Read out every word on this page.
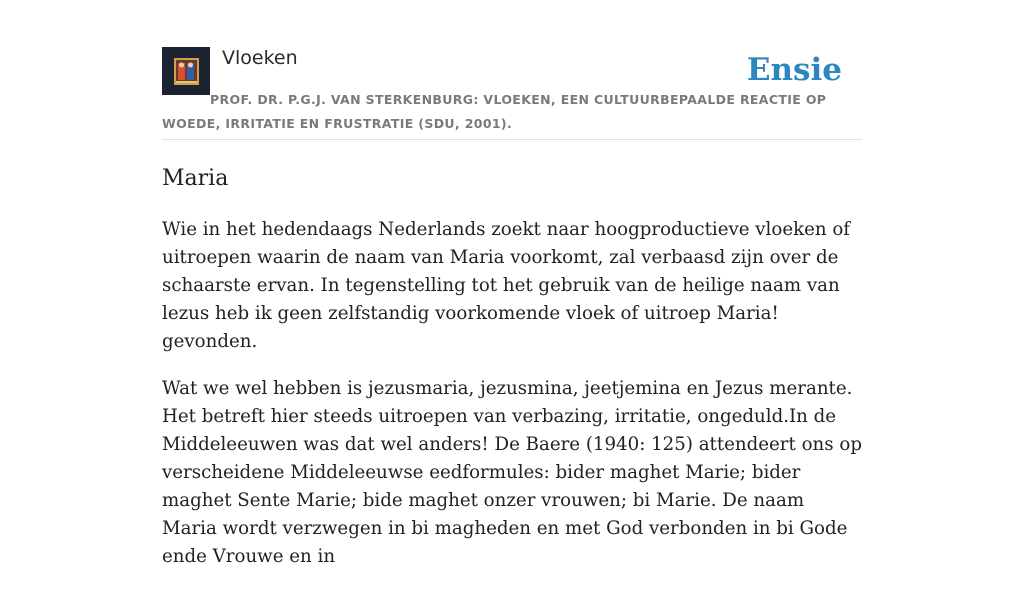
Vloeken	Ensie
PROF. DR. P.G.J. VAN STERKENBURG: VLOEKEN, EEN CULTUURBEPAALDE REACTIE OP WOEDE, IRRITATIE EN FRUSTRATIE (SDU, 2001).
Maria

Wie in het hedendaags Nederlands zoekt naar hoogproductieve vloeken of uitroepen waarin de naam van Maria voorkomt, zal verbaasd zijn over de schaarste ervan. In tegenstelling tot het gebruik van de heilige naam van lezus heb ik geen zelfstandig voorkomende vloek of uitroep Maria! gevonden.

Wat we wel hebben is jezusmaria, jezusmina, jeetjemina en Jezus merante. Het betreft hier steeds uitroepen van verbazing, irritatie, ongeduld.In de Middeleeuwen was dat wel anders! De Baere (1940: 125) attendeert ons op verscheidene Middeleeuwse eedformules: bider maghet Marie; bider maghet Sente Marie; bide maghet onzer vrouwen; bi Marie. De naam Maria wordt verzwegen in bi magheden en met God verbonden in bi Gode ende Vrouwe en in
